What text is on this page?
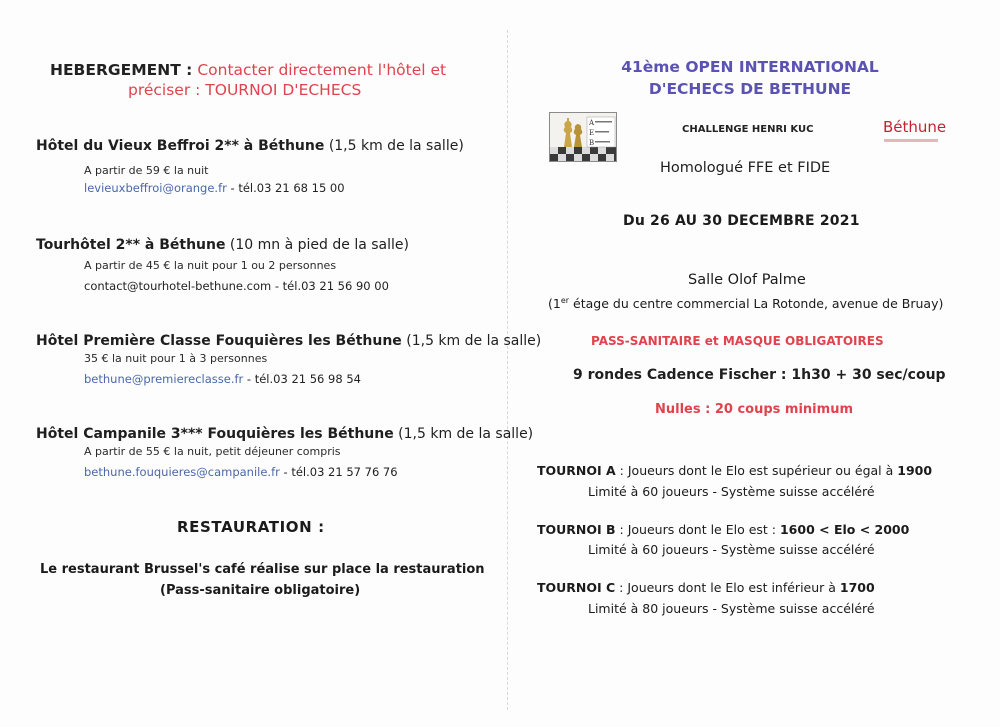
HEBERGEMENT : Contacter directement l'hôtel et
préciser : TOURNOI D'ECHECS
Hôtel du Vieux Beffroi 2** à Béthune (1,5 km de la salle)
A partir de 59 € la nuit
levieuxbeffroi@orange.fr - tél.03 21 68 15 00
Tourhôtel 2** à Béthune (10 mn à pied de la salle)
A partir de 45 € la nuit pour 1 ou 2 personnes
contact@tourhotel-bethune.com - tél.03 21 56 90 00
Hôtel Première Classe Fouquières les Béthune (1,5 km de la salle)
35 € la nuit pour 1 à 3 personnes
bethune@premiereclasse.fr - tél.03 21 56 98 54
Hôtel Campanile 3*** Fouquières les Béthune (1,5 km de la salle)
A partir de 55 € la nuit, petit déjeuner compris
bethune.fouquieres@campanile.fr - tél.03 21 57 76 76
RESTAURATION :
Le restaurant Brussel's café réalise sur place la restauration
(Pass-sanitaire obligatoire)
41ème OPEN INTERNATIONAL
D'ECHECS DE BETHUNE
A
E
B
CHALLENGE HENRI KUC	Béthune
Homologué FFE et FIDE
Du 26 AU 30 DECEMBRE 2021
Salle Olof Palme
(1er étage du centre commercial La Rotonde, avenue de Bruay)
PASS-SANITAIRE et MASQUE OBLIGATOIRES
9 rondes Cadence Fischer : 1h30 + 30 sec/coup
Nulles : 20 coups minimum
TOURNOI A : Joueurs dont le Elo est supérieur ou égal à 1900
Limité à 60 joueurs - Système suisse accéléré
TOURNOI B : Joueurs dont le Elo est : 1600 < Elo < 2000
Limité à 60 joueurs - Système suisse accéléré
TOURNOI C : Joueurs dont le Elo est inférieur à 1700
Limité à 80 joueurs - Système suisse accéléré
